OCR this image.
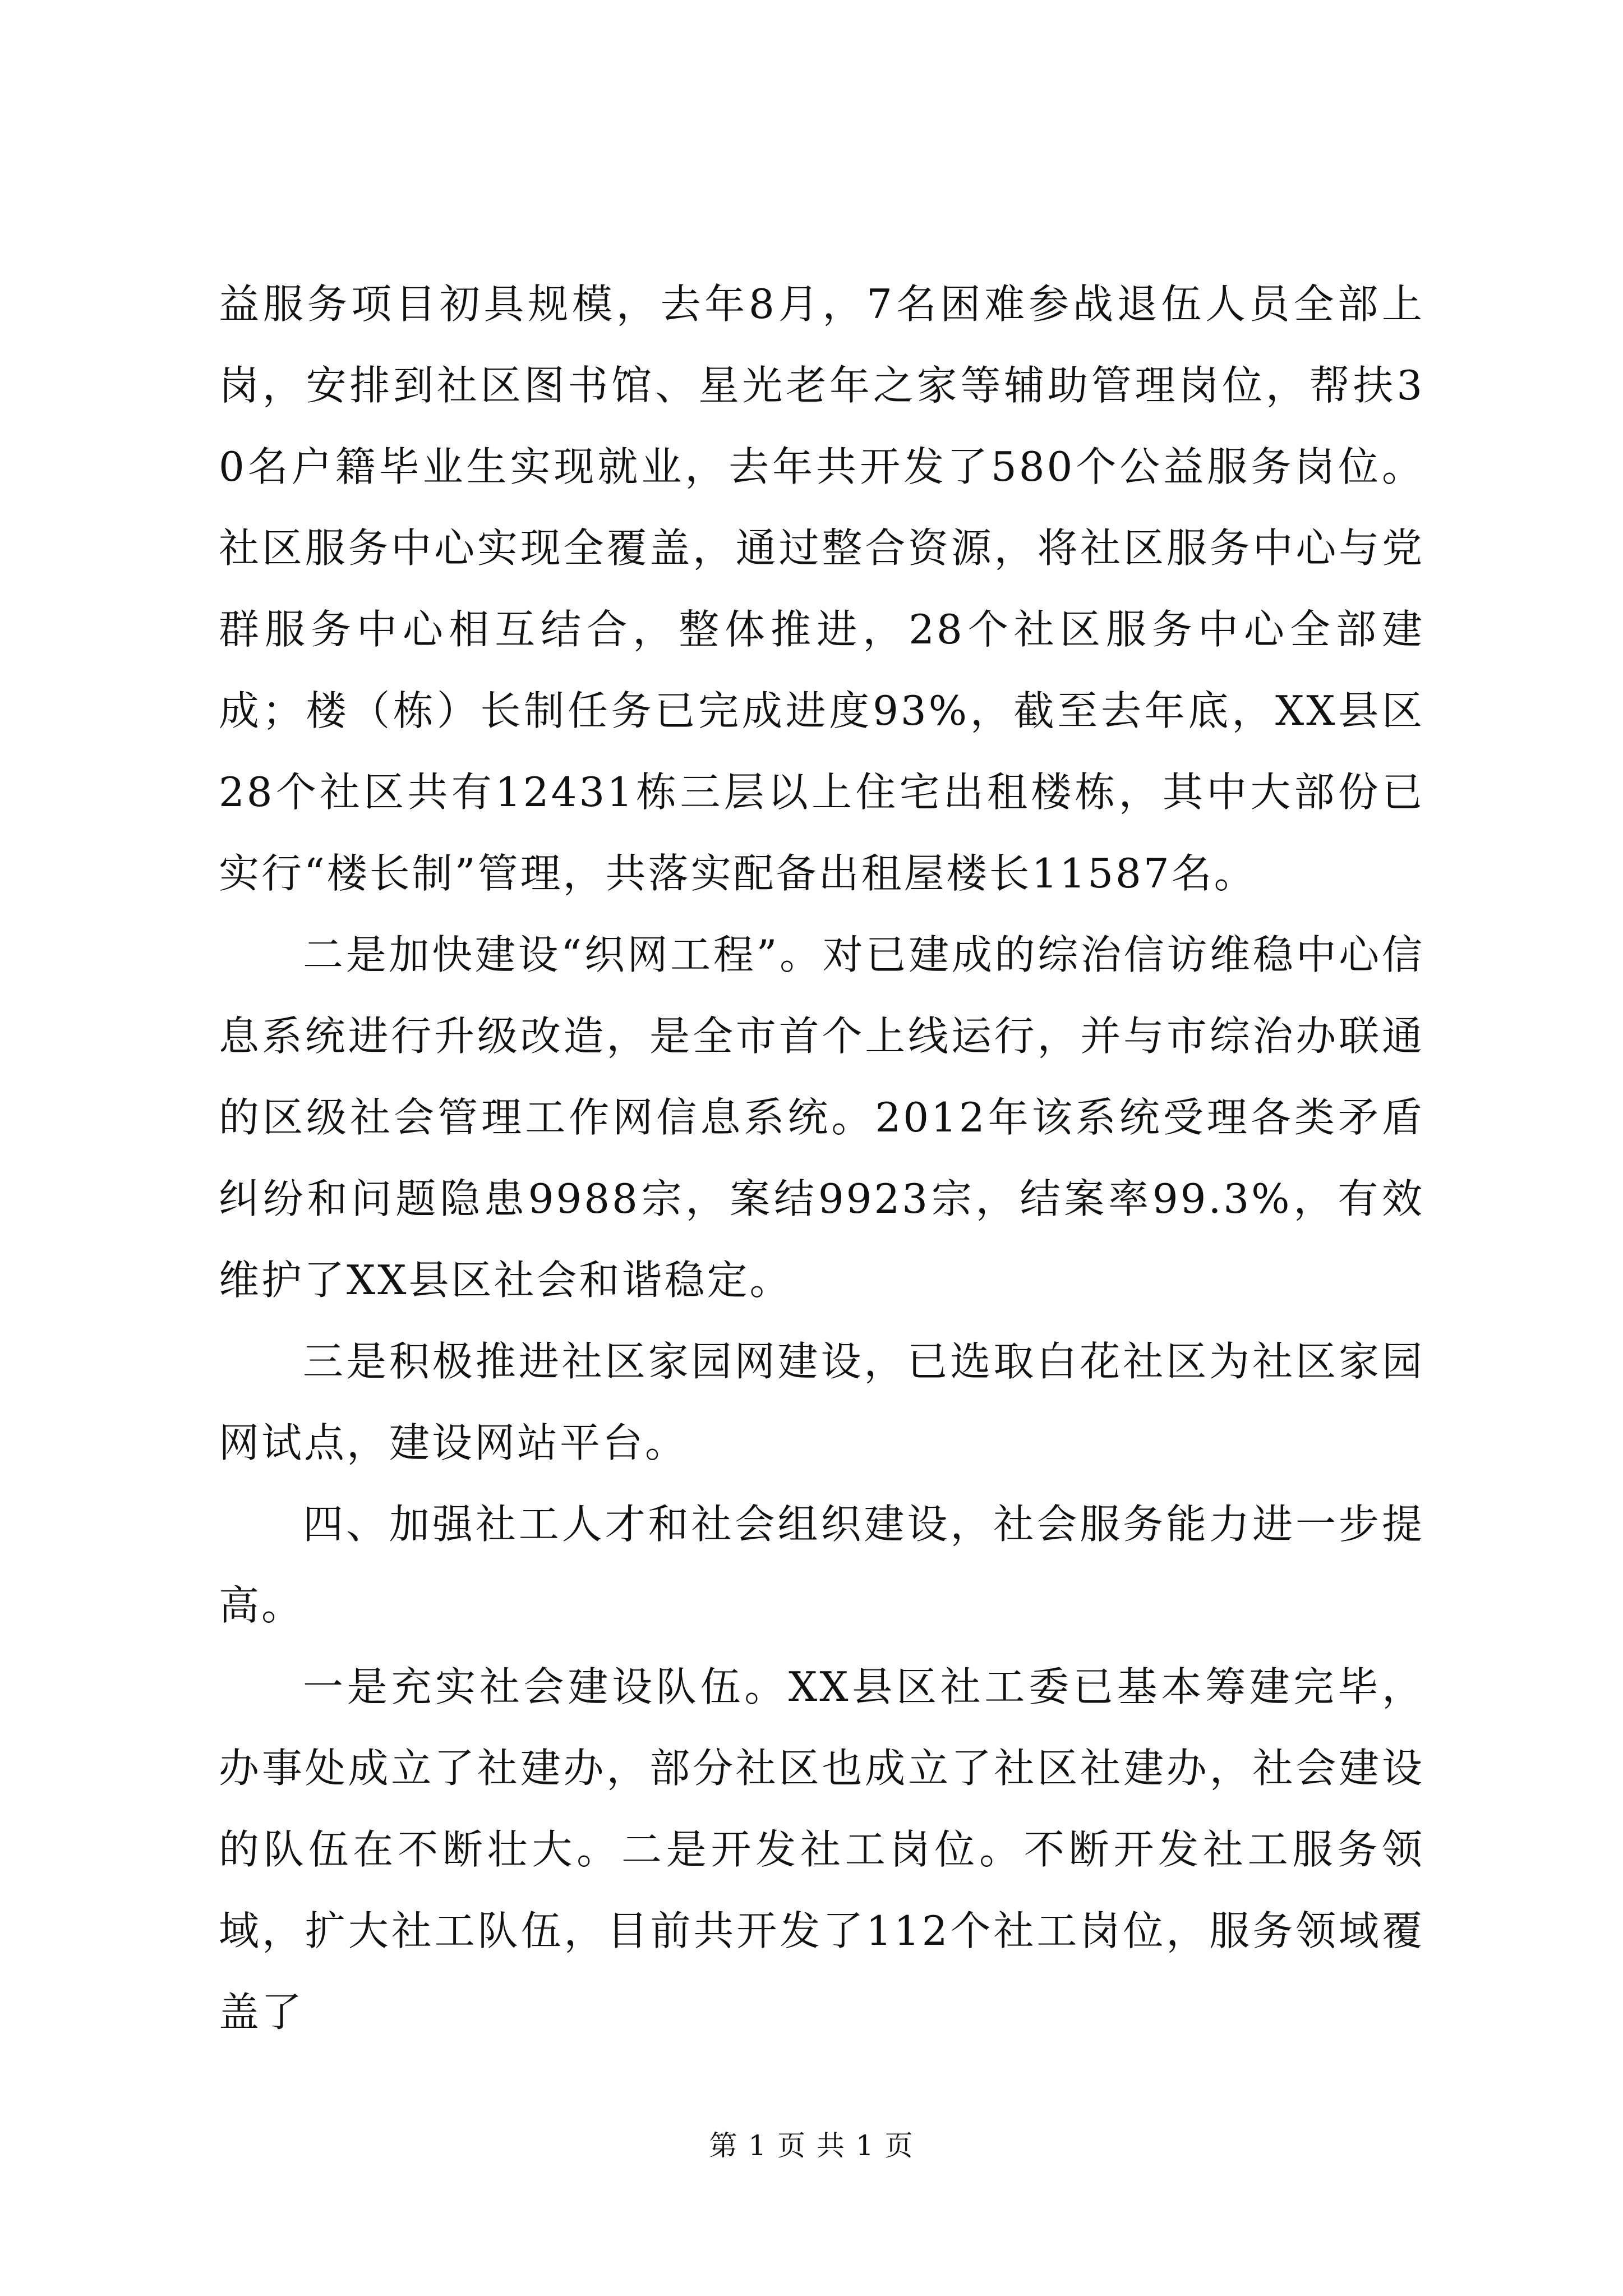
益服务项目初具规模，去年8月，7名困难参战退伍人员全部上岗，安排到社区图书馆、星光老年之家等辅助管理岗位，帮扶30名户籍毕业生实现就业，去年共开发了580个公益服务岗位。社区服务中心实现全覆盖，通过整合资源，将社区服务中心与党群服务中心相互结合，整体推进，28个社区服务中心全部建成；楼（栋）长制任务已完成进度93%，截至去年底，XX县区28个社区共有12431栋三层以上住宅出租楼栋，其中大部份已实行“楼长制”管理，共落实配备出租屋楼长11587名。

二是加快建设“织网工程”。对已建成的综治信访维稳中心信息系统进行升级改造，是全市首个上线运行，并与市综治办联通的区级社会管理工作网信息系统。2012年该系统受理各类矛盾纠纷和问题隐患9988宗，案结9923宗，结案率99.3%，有效维护了XX县区社会和谐稳定。

三是积极推进社区家园网建设，已选取白花社区为社区家园网试点，建设网站平台。

四、加强社工人才和社会组织建设，社会服务能力进一步提高。

一是充实社会建设队伍。XX县区社工委已基本筹建完毕，办事处成立了社建办，部分社区也成立了社区社建办，社会建设的队伍在不断壮大。二是开发社工岗位。不断开发社工服务领域，扩大社工队伍，目前共开发了112个社工岗位，服务领域覆盖了

第 1 页 共 1 页
